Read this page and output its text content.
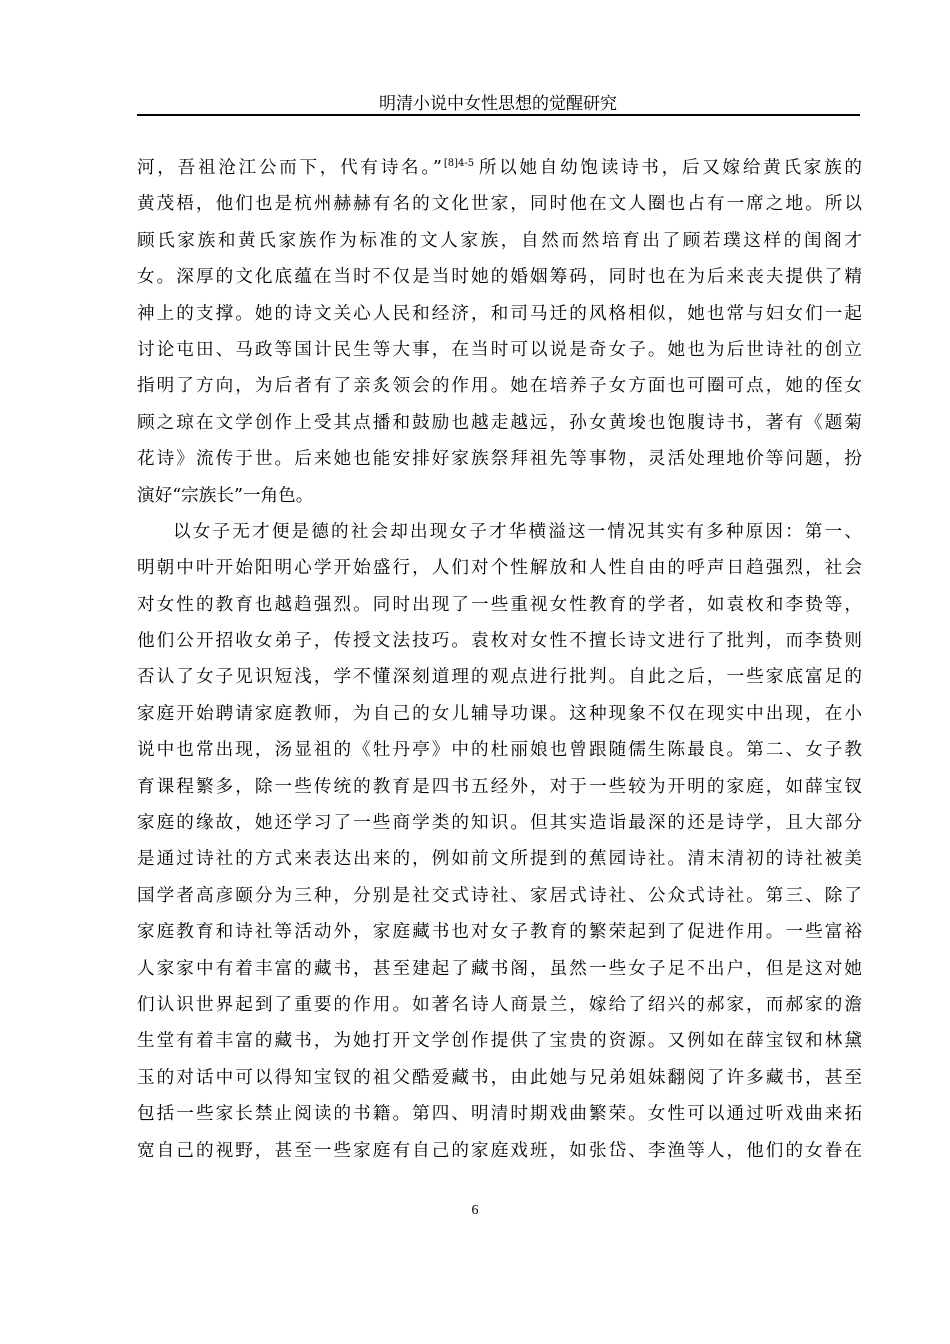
明清小说中女性思想的觉醒研究
河，吾祖沧江公而下，代有诗名。” $^{[8]4-5}$ 所以她自幼饱读诗书，后又嫁给黄氏家族的
黄茂梧，他们也是杭州赫赫有名的文化世家，同时他在文人圈也占有一席之地。所以
顾氏家族和黄氏家族作为标准的文人家族，自然而然培育出了顾若璞这样的闺阁才
女。深厚的文化底蕴在当时不仅是当时她的婚姻筹码，同时也在为后来丧夫提供了精
神上的支撑。她的诗文关心人民和经济，和司马迁的风格相似，她也常与妇女们一起
讨论屯田、马政等国计民生等大事，在当时可以说是奇女子。她也为后世诗社的创立
指明了方向，为后者有了亲炙领会的作用。她在培养子女方面也可圈可点，她的侄女
顾之琼在文学创作上受其点播和鼓励也越走越远，孙女黄埈也饱腹诗书，著有《题菊
花诗》流传于世。后来她也能安排好家族祭拜祖先等事物，灵活处理地价等问题，扮
演好“宗族长”一角色。
以女子无才便是德的社会却出现女子才华横溢这一情况其实有多种原因：第一、
明朝中叶开始阳明心学开始盛行，人们对个性解放和人性自由的呼声日趋强烈，社会
对女性的教育也越趋强烈。同时出现了一些重视女性教育的学者，如袁枚和李贽等，
他们公开招收女弟子，传授文法技巧。袁枚对女性不擅长诗文进行了批判，而李贽则
否认了女子见识短浅，学不懂深刻道理的观点进行批判。自此之后，一些家底富足的
家庭开始聘请家庭教师，为自己的女儿辅导功课。这种现象不仅在现实中出现，在小
说中也常出现，汤显祖的《牡丹亭》中的杜丽娘也曾跟随儒生陈最良。第二、女子教
育课程繁多，除一些传统的教育是四书五经外，对于一些较为开明的家庭，如薛宝钗
家庭的缘故，她还学习了一些商学类的知识。但其实造诣最深的还是诗学，且大部分
是通过诗社的方式来表达出来的，例如前文所提到的蕉园诗社。清末清初的诗社被美
国学者高彦颐分为三种，分别是社交式诗社、家居式诗社、公众式诗社。第三、除了
家庭教育和诗社等活动外，家庭藏书也对女子教育的繁荣起到了促进作用。一些富裕
人家家中有着丰富的藏书，甚至建起了藏书阁，虽然一些女子足不出户，但是这对她
们认识世界起到了重要的作用。如著名诗人商景兰，嫁给了绍兴的郝家，而郝家的澹
生堂有着丰富的藏书，为她打开文学创作提供了宝贵的资源。又例如在薛宝钗和林黛
玉的对话中可以得知宝钗的祖父酷爱藏书，由此她与兄弟姐妹翻阅了许多藏书，甚至
包括一些家长禁止阅读的书籍。第四、明清时期戏曲繁荣。女性可以通过听戏曲来拓
宽自己的视野，甚至一些家庭有自己的家庭戏班，如张岱、李渔等人，他们的女眷在
6
